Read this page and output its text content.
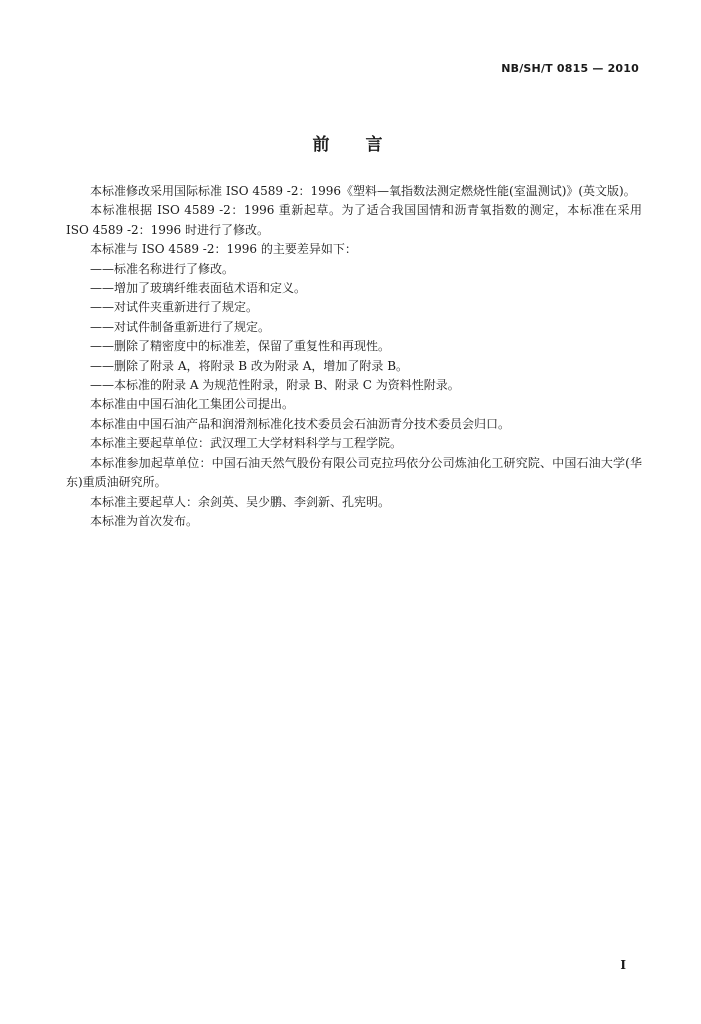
NB/SH/T 0815 — 2010
前言

本标准修改采用国际标准 ISO 4589 -2：1996《塑料—氧指数法测定燃烧性能(室温测试)》(英文版)。

本标准根据 ISO 4589 -2：1996 重新起草。为了适合我国国情和沥青氧指数的测定，本标准在采用 ISO 4589 -2：1996 时进行了修改。

本标准与 ISO 4589 -2：1996 的主要差异如下：

——标准名称进行了修改。

——增加了玻璃纤维表面毡术语和定义。

——对试件夹重新进行了规定。

——对试件制备重新进行了规定。

——删除了精密度中的标准差，保留了重复性和再现性。

——删除了附录 A，将附录 B 改为附录 A，增加了附录 B。

——本标准的附录 A 为规范性附录，附录 B、附录 C 为资料性附录。

本标准由中国石油化工集团公司提出。

本标准由中国石油产品和润滑剂标准化技术委员会石油沥青分技术委员会归口。

本标准主要起草单位：武汉理工大学材料科学与工程学院。

本标准参加起草单位：中国石油天然气股份有限公司克拉玛依分公司炼油化工研究院、中国石油大学(华东)重质油研究所。

本标准主要起草人：余剑英、吴少鹏、李剑新、孔宪明。

本标准为首次发布。

I
